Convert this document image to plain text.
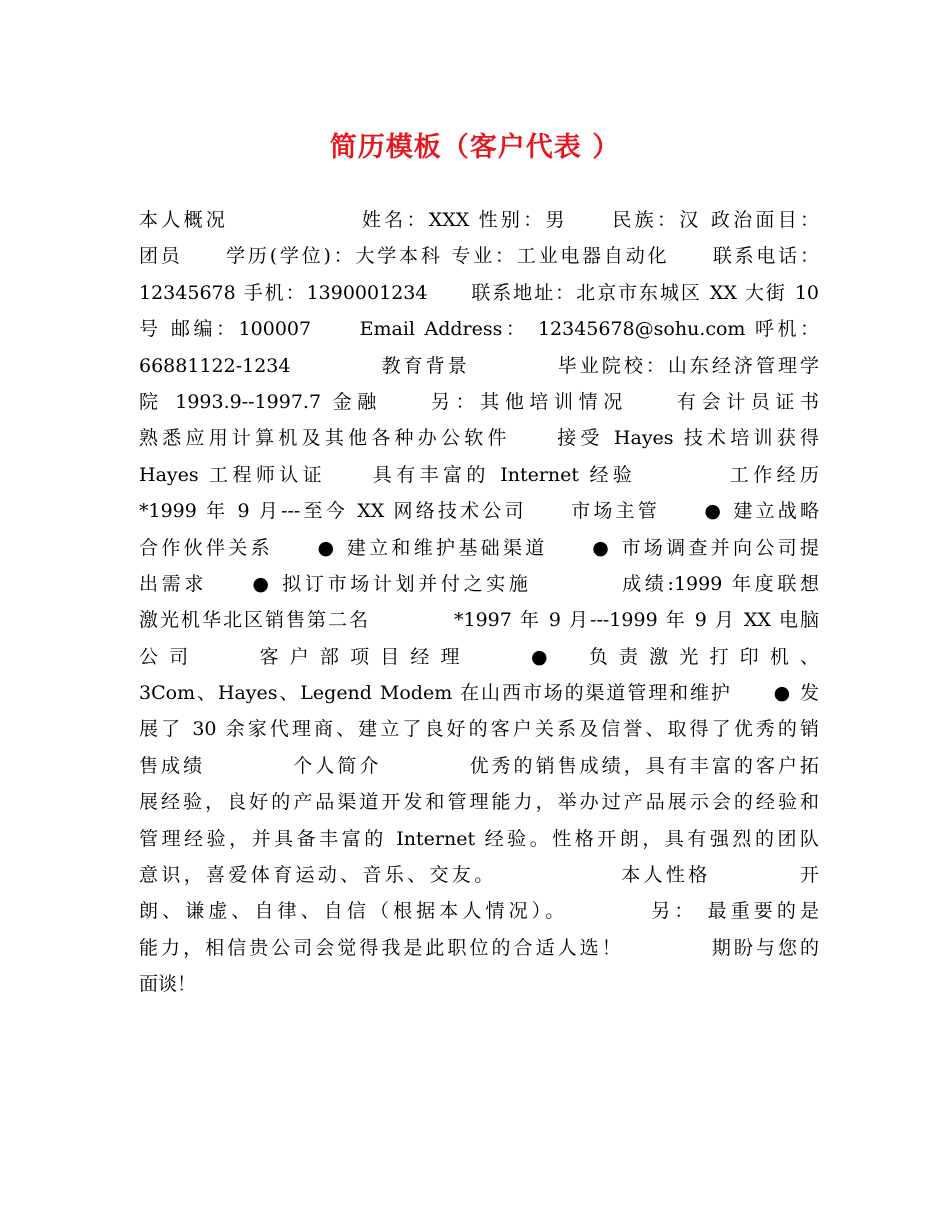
简历模板（客户代表 ）
本人概况　　　　　　姓名：XXX 性别：男　　民族：汉 政治面目：
团员　　学历(学位)：大学本科 专业：工业电器自动化　　联系电话：
12345678 手机：1390001234　　联系地址：北京市东城区 XX 大街 10
号 邮编：100007　　Email Address： 12345678@sohu.com 呼机：
66881122-1234　　　　教育背景　　　　毕业院校：山东经济管理学
院 1993.9--1997.7 金融　　另：其他培训情况　　有会计员证书
熟悉应用计算机及其他各种办公软件　　接受 Hayes 技术培训获得
Hayes 工程师认证　　具有丰富的 Internet 经验　　　　工作经历
*1999 年 9 月---至今 XX 网络技术公司　　市场主管　　● 建立战略
合作伙伴关系　　● 建立和维护基础渠道　　● 市场调查并向公司提
出需求　　● 拟订市场计划并付之实施　　　　成绩:1999 年度联想
激光机华北区销售第二名　　　　*1997 年 9 月---1999 年 9 月 XX 电脑
公司　　客户部项目经理　　●　负责激光打印机、
3Com、Hayes、Legend Modem 在山西市场的渠道管理和维护　　● 发
展了 30 余家代理商、建立了良好的客户关系及信誉、取得了优秀的销
售成绩　　　　个人简介　　　　优秀的销售成绩，具有丰富的客户拓
展经验，良好的产品渠道开发和管理能力，举办过产品展示会的经验和
管理经验，并具备丰富的 Internet 经验。性格开朗，具有强烈的团队
意识，喜爱体育运动、音乐、交友。　　　　　　本人性格　　　　开
朗、谦虚、自律、自信（根据本人情况）。　　　　另： 最重要的是
能力，相信贵公司会觉得我是此职位的合适人选！　　　　期盼与您的
面谈！
